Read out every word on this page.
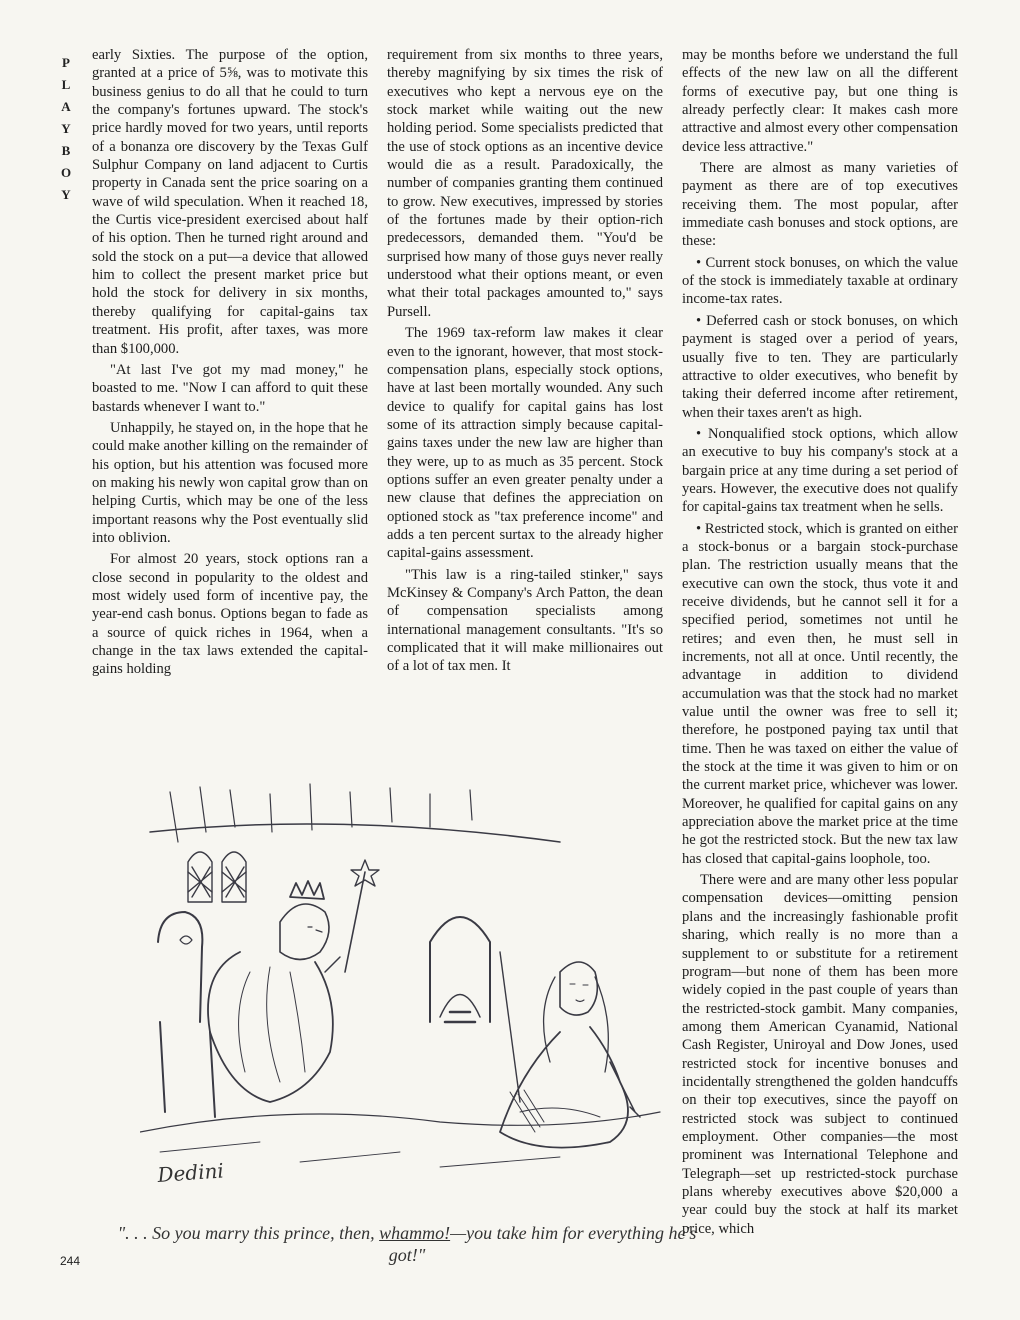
P
L
A
Y
B
O
Y

early Sixties. The purpose of the option, granted at a price of 5⅝, was to motivate this business genius to do all that he could to turn the company's fortunes upward. The stock's price hardly moved for two years, until reports of a bonanza ore discovery by the Texas Gulf Sulphur Company on land adjacent to Curtis property in Canada sent the price soaring on a wave of wild speculation. When it reached 18, the Curtis vice-president exercised about half of his option. Then he turned right around and sold the stock on a put—a device that allowed him to collect the present market price but hold the stock for delivery in six months, thereby qualifying for capital-gains tax treatment. His profit, after taxes, was more than $100,000.

"At last I've got my mad money," he boasted to me. "Now I can afford to quit these bastards whenever I want to."

Unhappily, he stayed on, in the hope that he could make another killing on the remainder of his option, but his attention was focused more on making his newly won capital grow than on helping Curtis, which may be one of the less important reasons why the Post eventually slid into oblivion.

For almost 20 years, stock options ran a close second in popularity to the oldest and most widely used form of incentive pay, the year-end cash bonus. Options began to fade as a source of quick riches in 1964, when a change in the tax laws extended the capital-gains holding

requirement from six months to three years, thereby magnifying by six times the risk of executives who kept a nervous eye on the stock market while waiting out the new holding period. Some specialists predicted that the use of stock options as an incentive device would die as a result. Paradoxically, the number of companies granting them continued to grow. New executives, impressed by stories of the fortunes made by their option-rich predecessors, demanded them. "You'd be surprised how many of those guys never really understood what their options meant, or even what their total packages amounted to," says Pursell.

The 1969 tax-reform law makes it clear even to the ignorant, however, that most stock-compensation plans, especially stock options, have at last been mortally wounded. Any such device to qualify for capital gains has lost some of its attraction simply because capital-gains taxes under the new law are higher than they were, up to as much as 35 percent. Stock options suffer an even greater penalty under a new clause that defines the appreciation on optioned stock as "tax preference income" and adds a ten percent surtax to the already higher capital-gains assessment.

"This law is a ring-tailed stinker," says McKinsey & Company's Arch Patton, the dean of compensation specialists among international management consultants. "It's so complicated that it will make millionaires out of a lot of tax men. It

may be months before we understand the full effects of the new law on all the different forms of executive pay, but one thing is already perfectly clear: It makes cash more attractive and almost every other compensation device less attractive."

There are almost as many varieties of payment as there are of top executives receiving them. The most popular, after immediate cash bonuses and stock options, are these:

• Current stock bonuses, on which the value of the stock is immediately taxable at ordinary income-tax rates.

• Deferred cash or stock bonuses, on which payment is staged over a period of years, usually five to ten. They are particularly attractive to older executives, who benefit by taking their deferred income after retirement, when their taxes aren't as high.

• Nonqualified stock options, which allow an executive to buy his company's stock at a bargain price at any time during a set period of years. However, the executive does not qualify for capital-gains tax treatment when he sells.

• Restricted stock, which is granted on either a stock-bonus or a bargain stock-purchase plan. The restriction usually means that the executive can own the stock, thus vote it and receive dividends, but he cannot sell it for a specified period, sometimes not until he retires; and even then, he must sell in increments, not all at once. Until recently, the advantage in addition to dividend accumulation was that the stock had no market value until the owner was free to sell it; therefore, he postponed paying tax until that time. Then he was taxed on either the value of the stock at the time it was given to him or on the current market price, whichever was lower. Moreover, he qualified for capital gains on any appreciation above the market price at the time he got the restricted stock. But the new tax law has closed that capital-gains loophole, too.

There were and are many other less popular compensation devices—omitting pension plans and the increasingly fashionable profit sharing, which really is no more than a supplement to or substitute for a retirement program—but none of them has been more widely copied in the past couple of years than the restricted-stock gambit. Many companies, among them American Cyanamid, National Cash Register, Uniroyal and Dow Jones, used restricted stock for incentive bonuses and incidentally strengthened the golden handcuffs on their top executives, since the payoff on restricted stock was subject to continued employment. Other companies—the most prominent was International Telephone and Telegraph—set up restricted-stock purchase plans whereby executives above $20,000 a year could buy the stock at half its market price, which

Dedini
". . . So you marry this prince, then, whammo!—you take him for everything he's got!"
244
